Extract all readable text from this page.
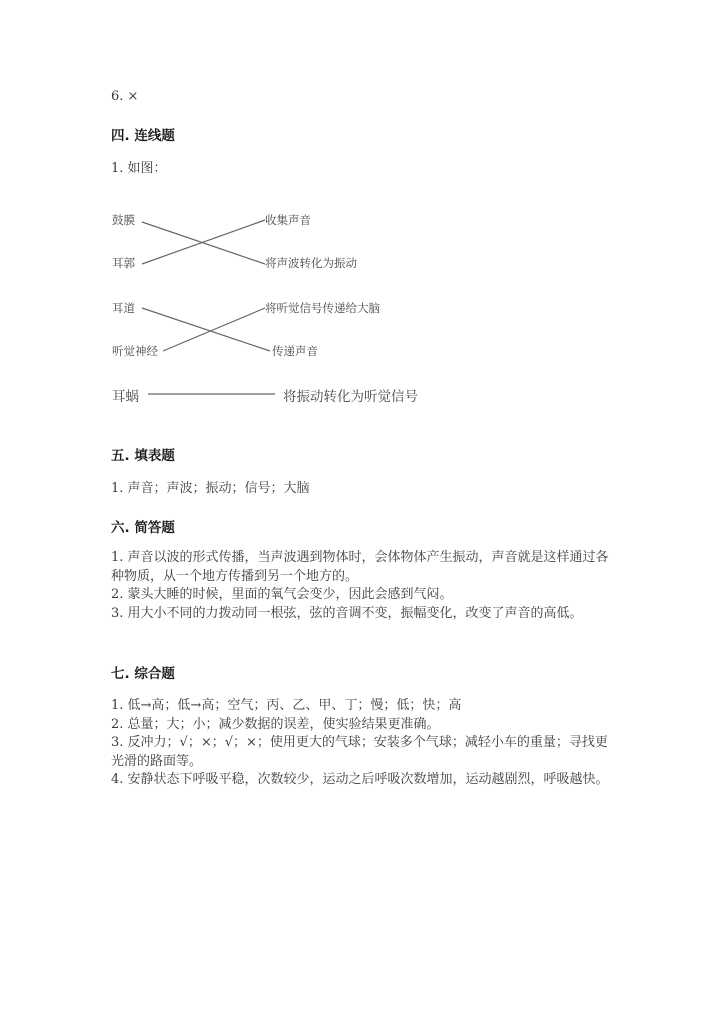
6. ×
四. 连线题
1. 如图：
鼓膜
耳郭
耳道
听觉神经
耳蜗
收集声音
将声波转化为振动
将听觉信号传递给大脑
传递声音
将振动转化为听觉信号
五. 填表题
1. 声音；声波；振动；信号；大脑
六. 简答题
1. 声音以波的形式传播，当声波遇到物体时，会体物体产生振动，声音就是这样通过各种物质，从一个地方传播到另一个地方的。
2. 蒙头大睡的时候，里面的氧气会变少，因此会感到气闷。
3. 用大小不同的力拨动同一根弦，弦的音调不变，振幅变化，改变了声音的高低。
七. 综合题
1. 低→高；低→高；空气；丙、乙、甲、丁；慢；低；快；高
2. 总量；大；小；减少数据的误差，使实验结果更准确。
3. 反冲力；√；×；√；×；使用更大的气球；安装多个气球；减轻小车的重量；寻找更光滑的路面等。
4. 安静状态下呼吸平稳，次数较少，运动之后呼吸次数增加，运动越剧烈，呼吸越快。
